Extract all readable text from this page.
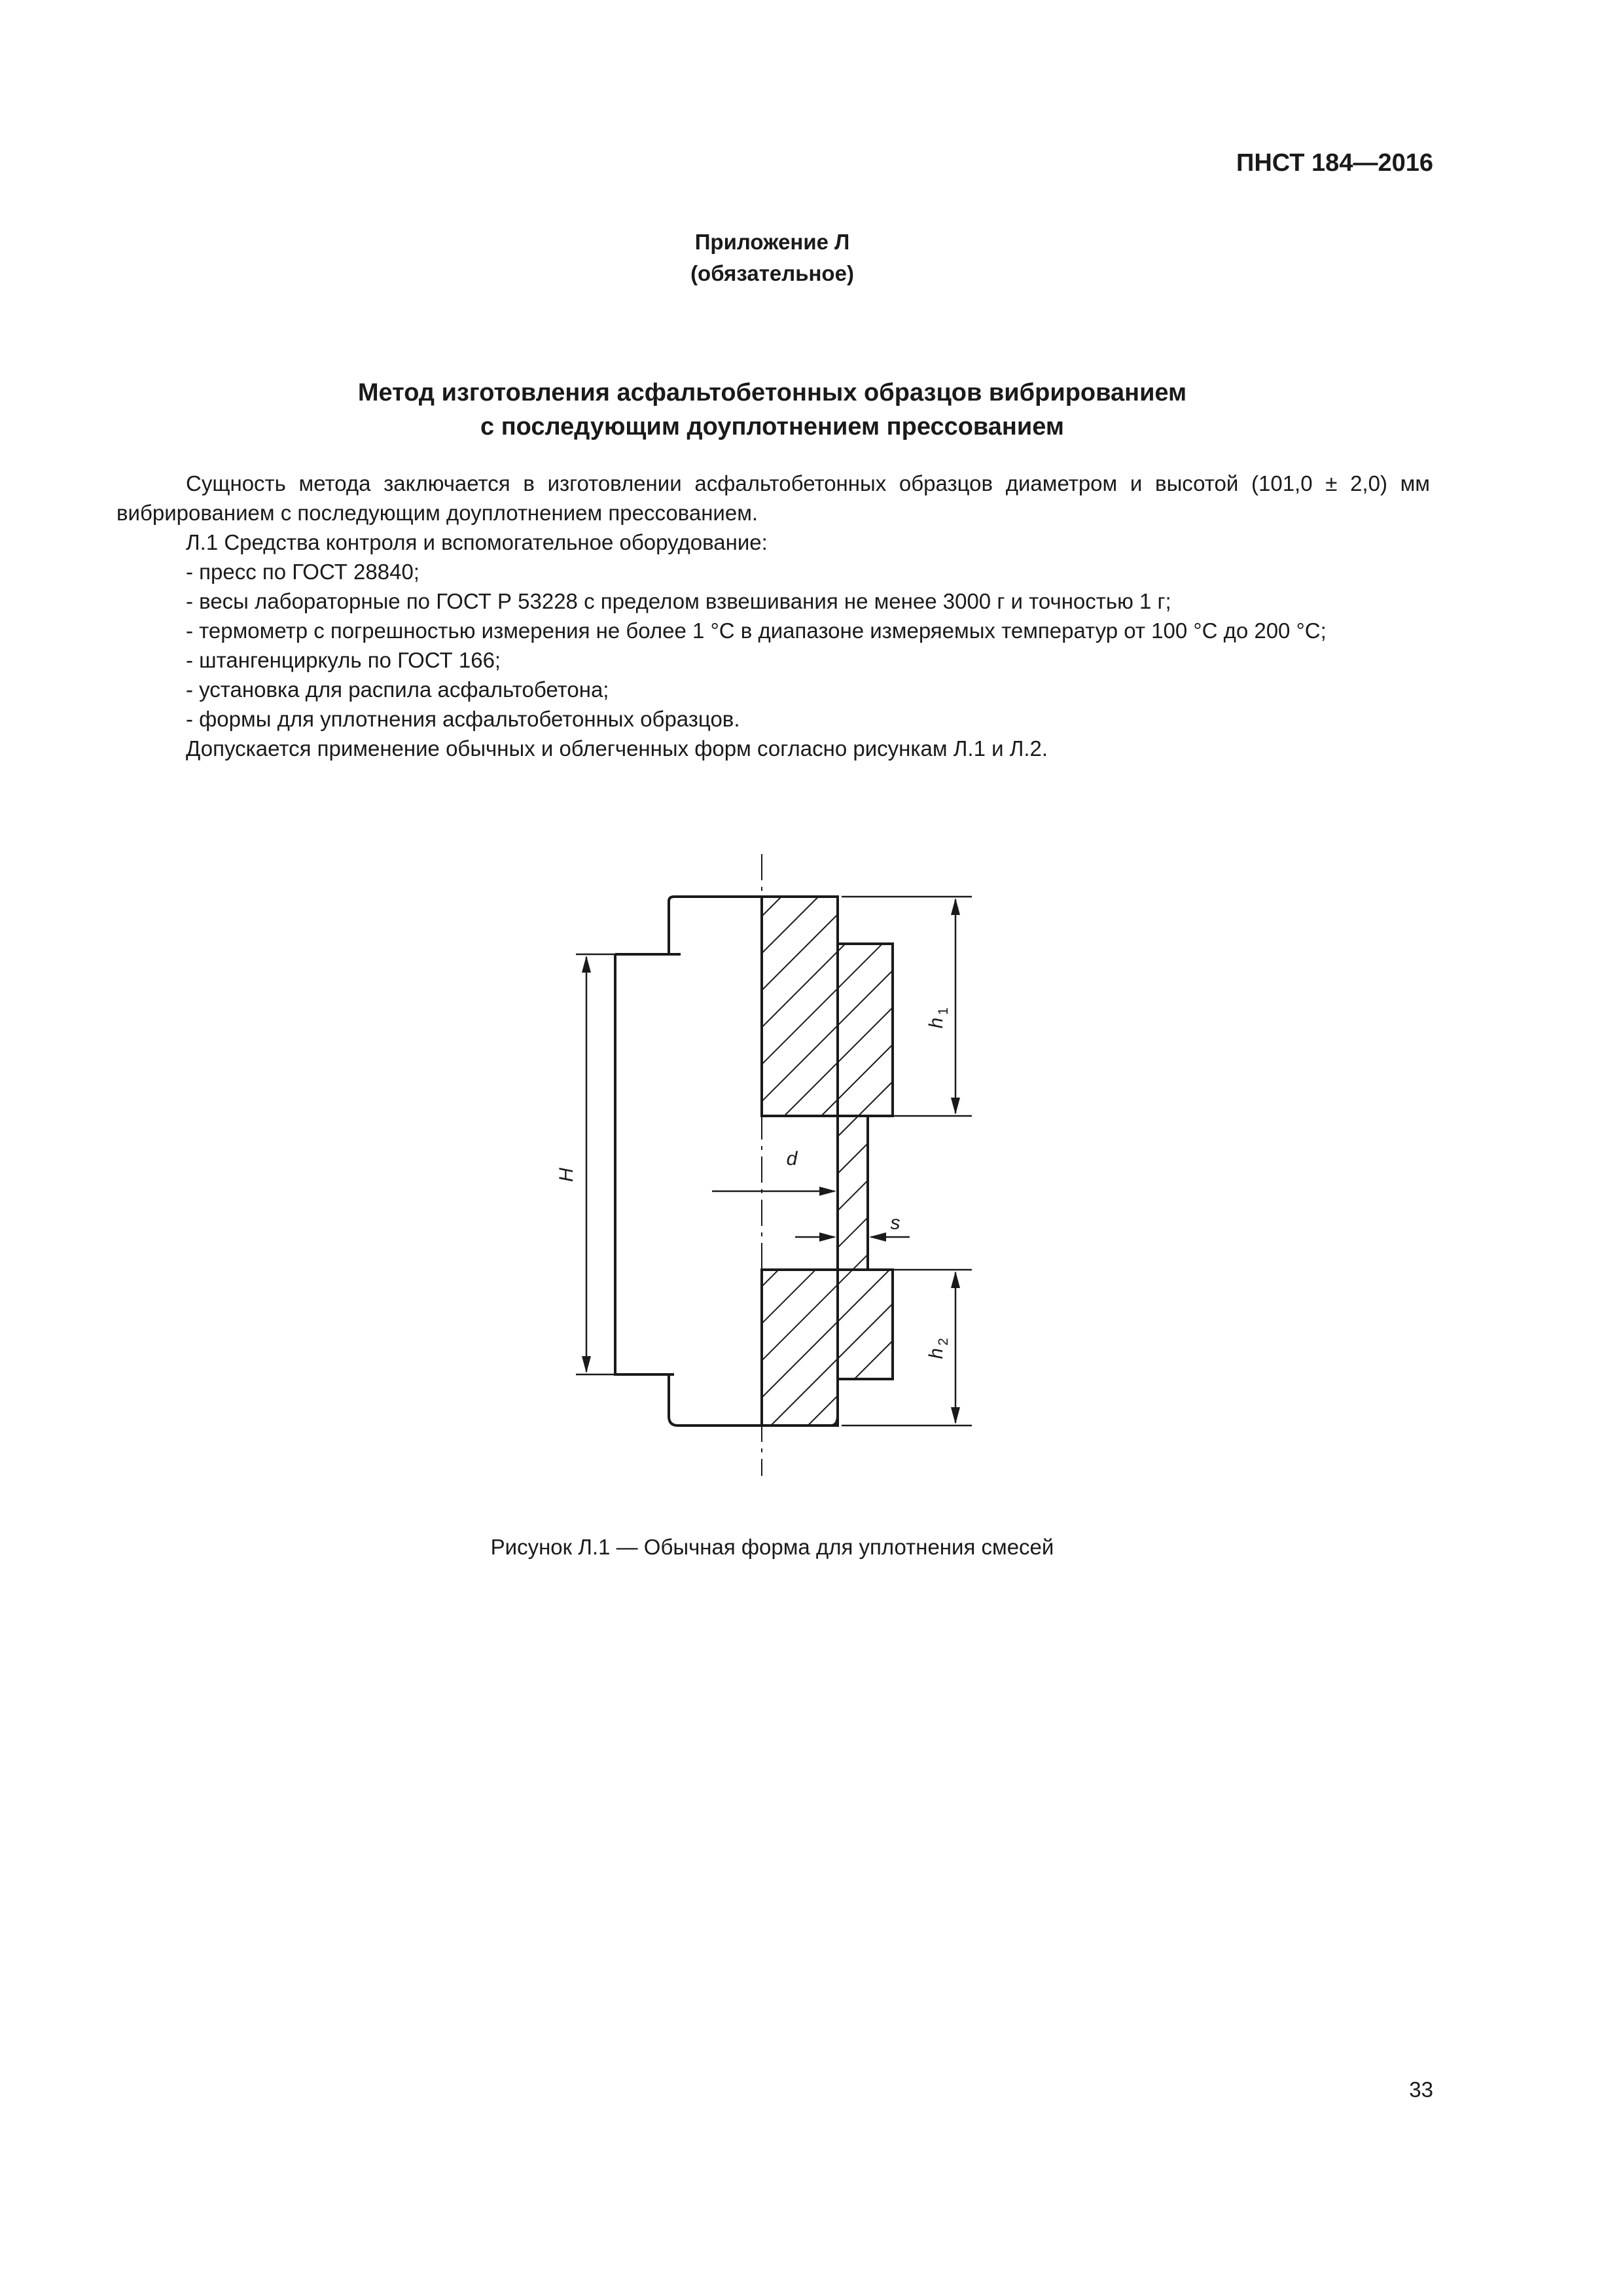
ПНСТ 184—2016
Приложение Л
(обязательное)
Метод изготовления асфальтобетонных образцов вибрированием
с последующим доуплотнением прессованием

Сущность метода заключается в изготовлении асфальтобетонных образцов диаметром и высотой (101,0 ± 2,0) мм вибрированием с последующим доуплотнением прессованием.

Л.1 Средства контроля и вспомогательное оборудование:

- пресс по ГОСТ 28840;

- весы лабораторные по ГОСТ Р 53228 с пределом взвешивания не менее 3000 г и точностью 1 г;

- термометр с погрешностью измерения не более 1 °С в диапазоне измеряемых температур от 100 °С до 200 °С;

- штангенциркуль по ГОСТ 166;

- установка для распила асфальтобетона;

- формы для уплотнения асфальтобетонных образцов.

Допускается применение обычных и облегченных форм согласно рисункам Л.1 и Л.2.

H
h
1
h
2
d
s
Рисунок Л.1 — Обычная форма для уплотнения смесей
33
